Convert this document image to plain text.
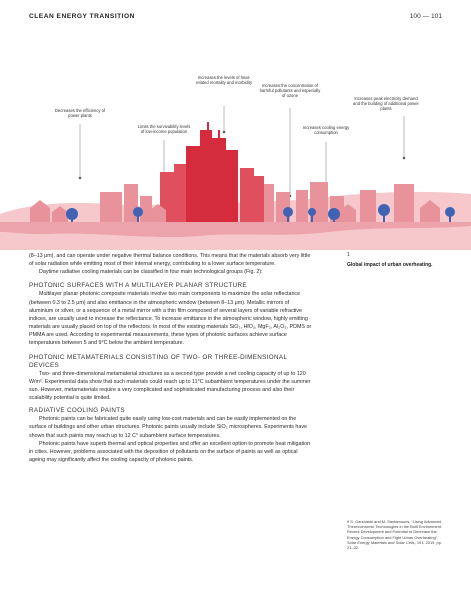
CLEAN ENERGY TRANSITION	100 — 101
Decreases the efficiency of power plants
Limits the survivability levels of low-income population
Increases the levels of heat-related mortality and morbidity
Increases the concentration of harmful pollutants and especially of ozone
Increases cooling energy consumption
Increases peak electricity demand and the building of additional power plants

(8–13 μm), and can operate under negative thermal balance conditions. This means that the materials absorb very little of solar radiation while emitting most of their internal energy, contributing to a lower surface temperature.

Daytime radiative cooling materials can be classified in four main technological groups (Fig. 2):

PHOTONIC SURFACES WITH A MULTILAYER PLANAR STRUCTURE

Multilayer planar photonic composite materials involve two main components to maximize the solar reflectance (between 0.3 to 2.5 μm) and also emittance in the atmospheric window (between 8–13 μm). Metallic mirrors of aluminium or silver, or a sequence of a metal mirror with a thin film composed of several layers of variable refractive indices, are usually used to increase the reflectance. To increase emittance in the atmospheric window, highly emitting materials are usually placed on top of the reflectors. In most of the existing materials SiO₂, HfO₂, MgF₂, Al₂O₃, PDMS or PMMA are used. According to experimental measurements, these types of photonic surfaces achieve surface temperatures between 5 and 9°C below the ambient temperature.

PHOTONIC METAMATERIALS CONSISTING OF TWO- OR THREE-DIMENSIONAL DEVICES

Two- and three-dimensional metamaterial structures as a second type provide a net cooling capacity of up to 120 W/m². Experimental data show that such materials could reach up to 11°C subambient temperatures under the summer sun. However, metamaterials require a very complicated and sophisticated manufacturing process and also their scalability potential is quite limited.

RADIATIVE COOLING PAINTS

Photonic paints can be fabricated quite easily using low-cost materials and can be easily implemented on the surface of buildings and other urban structures. Photonic paints usually include SiO₂ microspheres. Experiments have shown that such paints may reach up to 12 C° subambient surface temperatures.

Photonic paints have superb thermal and optical properties and offer an excellent option to promote heat mitigation in cities. However, problems associated with the deposition of pollutants on the surface of paints as well as optical ageing may significantly affect the cooling capacity of photonic paints.

1
Global impact of urban overheating.
9 S. Garshasbi and M. Santamouris, “Using Advanced Thermochromic Technologies in the Built Environment. Recent Development and Potential to Decrease the Energy Consumption and Fight Urban Overheating”, Solar Energy Materials and Solar Cells, 191, 2019, pp. 21–32.
